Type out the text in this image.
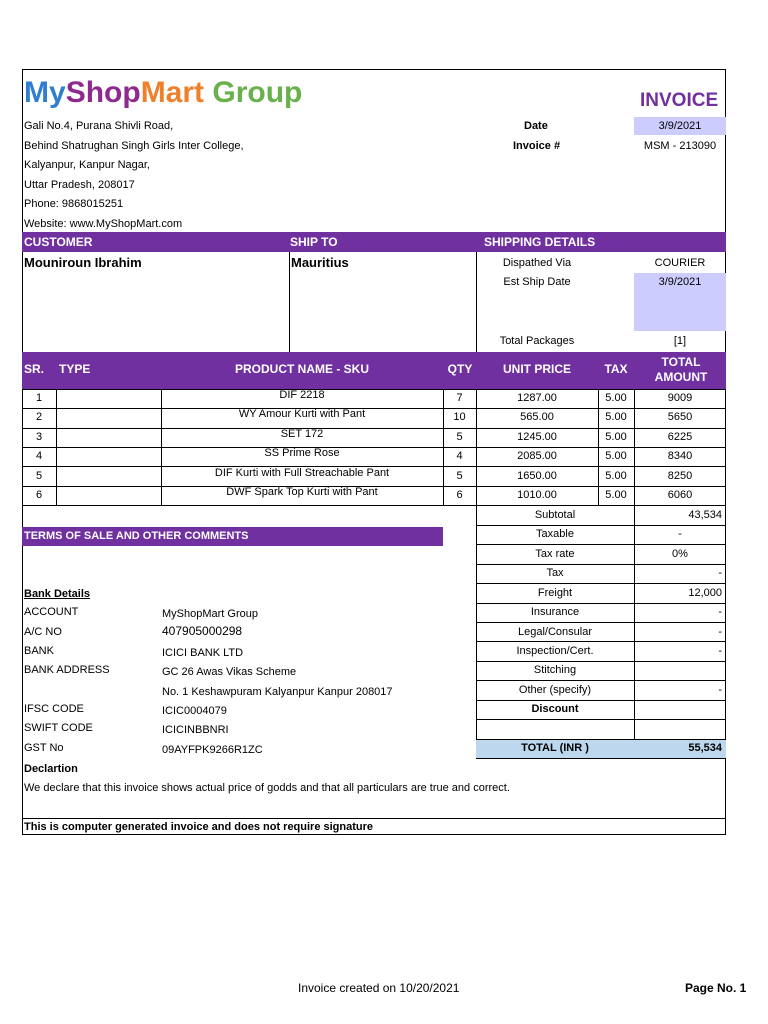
MyShopMart Group	INVOICE
Gali No.4, Purana Shivli Road,
Behind Shatrughan Singh Girls Inter College,
Kalyanpur, Kanpur Nagar,
Uttar Pradesh, 208017
Phone: 9868015251
Website: www.MyShopMart.com
Date	3/9/2021
Invoice #	MSM - 213090
CUSTOMER	SHIP TO	SHIPPING DETAILS
Mouniroun Ibrahim	Mauritius	Dispathed Via	COURIER
Est Ship Date	3/9/2021
Total Packages	[1]
SR. TYPE	PRODUCT NAME - SKU	QTY	UNIT PRICE	TAX	TOTAL
AMOUNT
1	DIF 2218	7	1287.00	5.00	9009
2	WY Amour Kurti with Pant	10	565.00	5.00	5650
3	SET 172	5	1245.00	5.00	6225
4	SS Prime Rose	4	2085.00	5.00	8340
5	DIF Kurti with Full Streachable Pant	5	1650.00	5.00	8250
6	DWF Spark Top Kurti with Pant	6	1010.00	5.00	6060
Subtotal	43,534
Taxable	-
Tax rate	0%
Tax	-
Freight	12,000
Insurance	-
Legal/Consular	-
Inspection/Cert.	-
Stitching
Other (specify)	-
Discount
TOTAL (INR )	55,534
TERMS OF SALE AND OTHER COMMENTS
Bank Details
ACCOUNT	MyShopMart Group
A/C NO	407905000298
BANK	ICICI BANK LTD
BANK ADDRESS	GC 26 Awas Vikas Scheme
No. 1 Keshawpuram Kalyanpur Kanpur 208017
IFSC CODE	ICIC0004079
SWIFT CODE	ICICINBBNRI
GST No	09AYFPK9266R1ZC
Declartion
We declare that this invoice shows actual price of godds and that all particulars are true and correct.
This is computer generated invoice and does not require signature
Invoice created on 10/20/2021	Page No. 1
